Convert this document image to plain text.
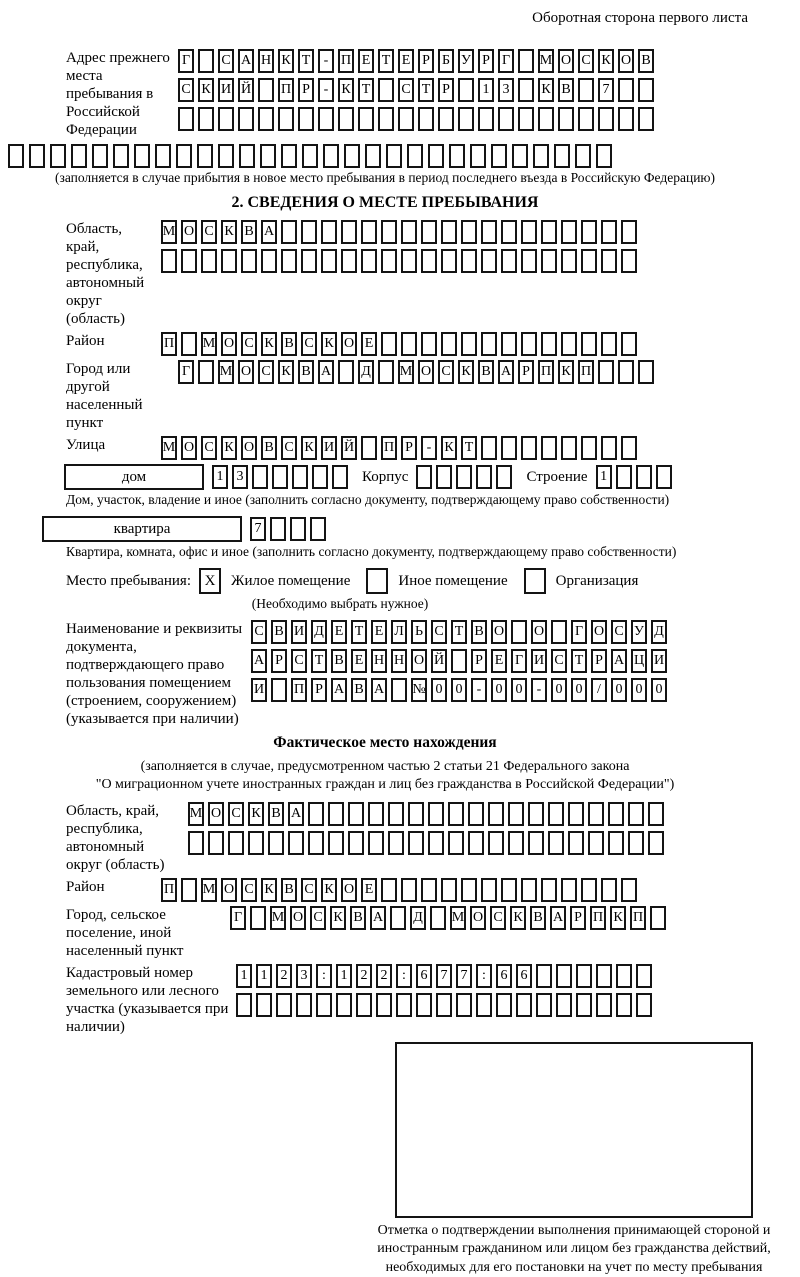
Оборотная сторона первого листа
Адрес прежнего места пребывания в Российской Федерации
Г С А Н К Т - П Е Т Е Р Б У Р Г М О С К О В
С К И Й П Р - К Т С Т Р	1 3	К В	7
(заполняется в случае прибытия в новое место пребывания в период последнего въезда в Российскую Федерацию)
2. СВЕДЕНИЯ О МЕСТЕ ПРЕБЫВАНИЯ
Область, край, республика, автономный округ (область)
М О С К В А
Район	П М О С К В С К О Е
Город или другой населенный пункт
Г М О С К В А Д М О С К В А Р П К П
Улица	М О С К О В С К И Й П Р - К Т
дом	1 3	Корпус	Строение 1
Дом, участок, владение и иное (заполнить согласно документу, подтверждающему право собственности)
квартира	7
Квартира, комната, офис и иное (заполнить согласно документу, подтверждающему право собственности)
Место пребывания: X	Жилое помещение	Иное помещение	Организация
(Необходимо выбрать нужное)
Наименование и реквизиты документа, подтверждающего право пользования помещением (строением, сооружением) (указывается при наличии)
С В И Д Е Т Е Л Ь С Т В О О Г О С У Д
А Р С Т В Е Н Н О Й Р Е Г И С Т Р А Ц И
И П Р А В А № 0 0	-	0 0	-	0 0	/	0 0 0
Фактическое место нахождения
(заполняется в случае, предусмотренном частью 2 статьи 21 Федерального закона
"О миграционном учете иностранных граждан и лиц без гражданства в Российской Федерации")
Область, край, республика, автономный округ (область)
М О С К В А
Район	П М О С К В С К О Е
Город, сельское поселение, иной населенный пункт
Г М О С К В А Д М О С К В А Р П К П
Кадастровый номер земельного или лесного участка (указывается при наличии)
1 1 2 3	:	1 2 2	:	6 7 7	:	6 6
Отметка о подтверждении выполнения принимающей стороной и иностранным гражданином или лицом без гражданства действий, необходимых для его постановки на учет по месту пребывания
